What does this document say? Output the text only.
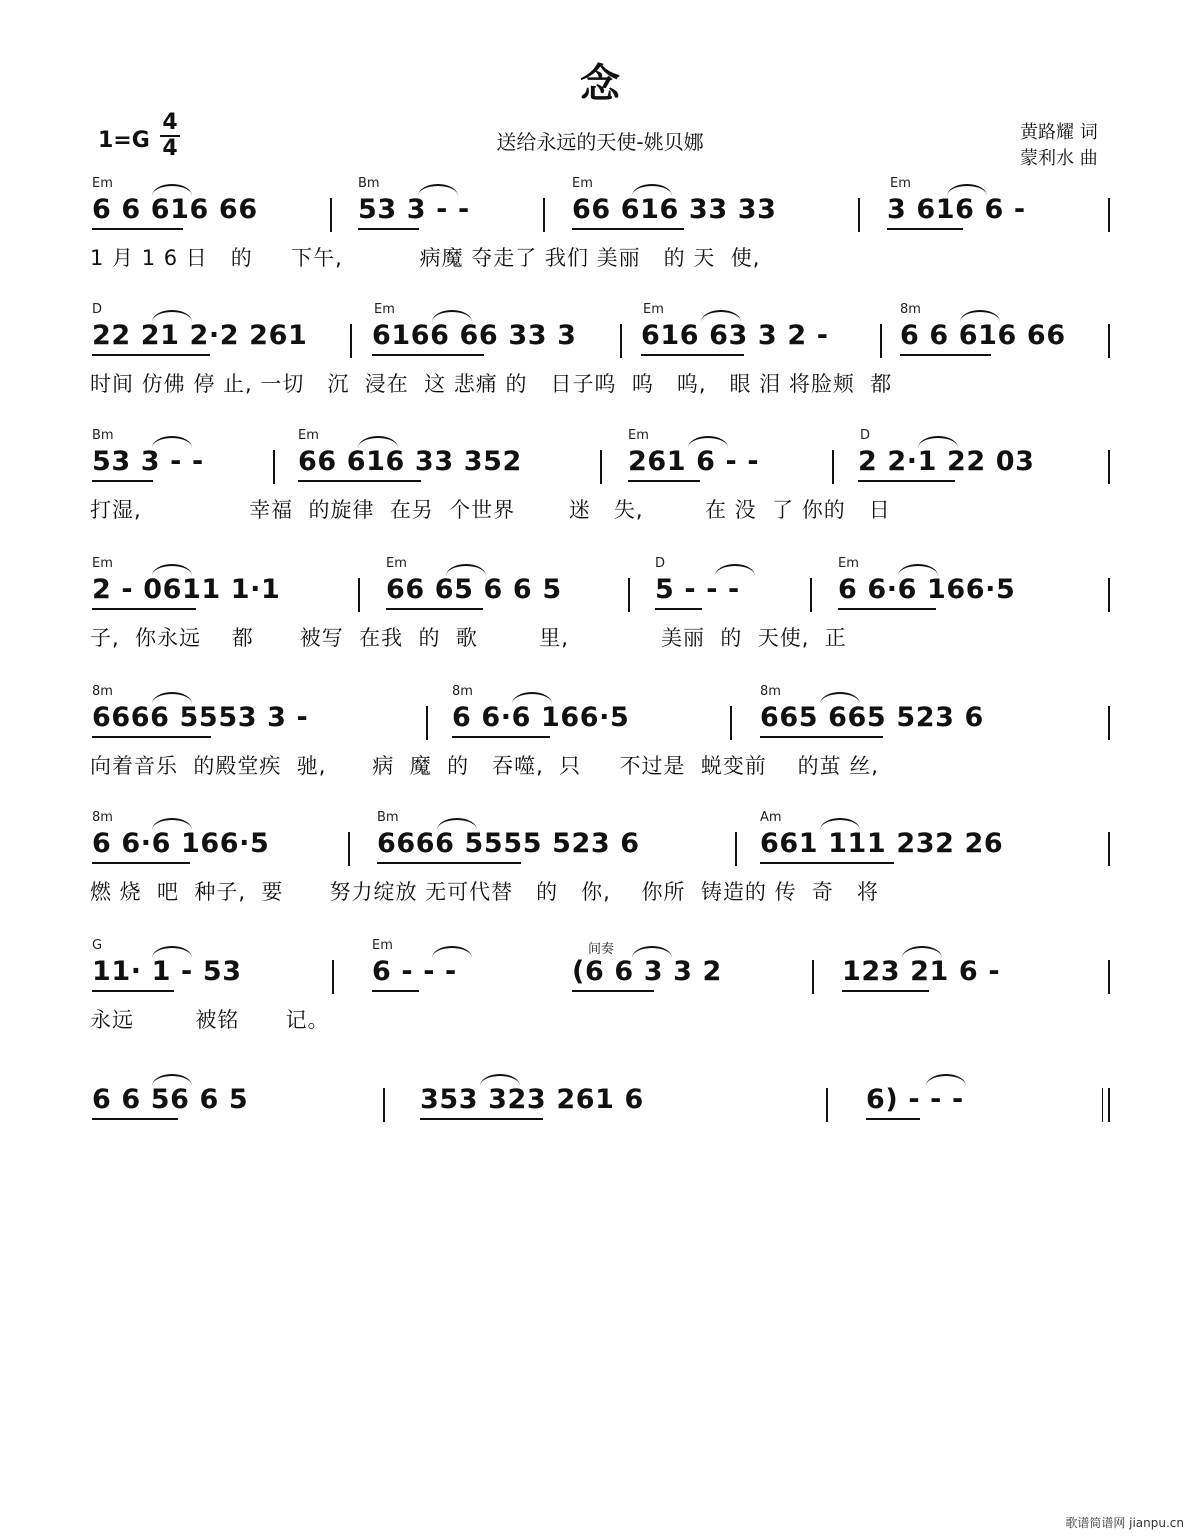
念
1=G
4
4	送给永远的天使-姚贝娜	黄路耀 词
蒙利水 曲
Em	Bm	Em	Em
6 6 616 66	53 3 - -	66 616 33 33	3 616 6 -
1 月 1 6 日   的     下午,          病魔 夺走了 我们 美丽   的 天  使,
D	Em	Em	8m
22 21 2·2 261 6166 66 33 3 616 63 3 2 -	6 6 616 66
时间 仿佛 停 止, 一切   沉  浸在  这 悲痛 的   日子呜  呜   呜,   眼 泪 将脸颊  都
Bm	Em	Em	D
53 3 - -	66 616 33 352	261 6 - -	2 2·1 22 03
打湿,              幸福  的旋律  在另  个世界       迷   失,        在 没  了 你的   日
Em	Em	D	Em
2 - 0611 1·1	66 65 6 6 5	5 - - -	6 6·6 166·5
子,  你永远    都      被写  在我  的  歌        里,            美丽  的  天使,  正
8m	8m	8m
6666 5553 3 -	6 6·6 166·5	665 665 523 6
向着音乐  的殿堂疾  驰,      病  魔  的   吞噬,  只     不过是  蜕变前    的茧 丝,
8m	Bm	Am
6 6·6 166·5	6666 5555 523 6	661 111 232 26
燃 烧  吧  种子,  要      努力绽放 无可代替   的   你,    你所  铸造的 传  奇   将
G	Em	间奏
11· 1 - 53	6 - - -	(6 6 3 3 2	123 21 6 -
永远        被铭      记。
6 6 56 6 5	353 323 261 6	6) - - -
歌谱简谱网 jianpu.cn
